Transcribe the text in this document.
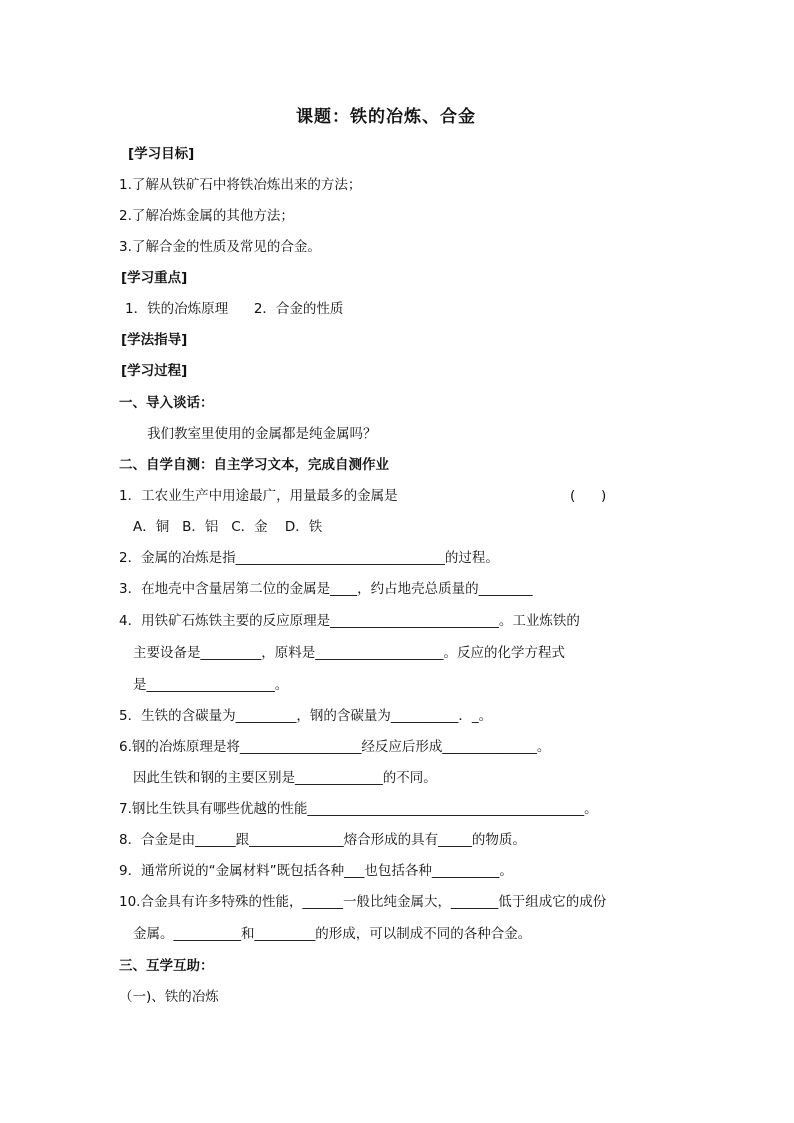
课题：铁的冶炼、合金
[学习目标]
1.了解从铁矿石中将铁冶炼出来的方法；
2.了解冶炼金属的其他方法；
3.了解合金的性质及常见的合金。
[学习重点]
1．铁的冶炼原理      2．合金的性质
[学法指导]
[学习过程]
一、导入谈话：
我们教室里使用的金属都是纯金属吗？
二、自学自测：自主学习文本，完成自测作业
1．工农业生产中用途最广，用量最多的金属是	(      )
A．铜   B．铝   C．金    D．铁
2．金属的冶炼是指_______________________________的过程。
3．在地壳中含量居第二位的金属是____，约占地壳总质量的________
4．用铁矿石炼铁主要的反应原理是_________________________。工业炼铁的
主要设备是_________，原料是___________________。反应的化学方程式
是___________________。
5．生铁的含碳量为_________，钢的含碳量为__________．_。
6.钢的冶炼原理是将__________________经反应后形成______________。
因此生铁和钢的主要区别是_____________的不同。
7.钢比生铁具有哪些优越的性能_________________________________________。
8．合金是由______跟______________熔合形成的具有_____的物质。
9．通常所说的“金属材料”既包括各种___也包括各种__________。
10.合金具有许多特殊的性能，______一般比纯金属大，_______低于组成它的成份
金属。__________和_________的形成，可以制成不同的各种合金。
三、互学互助：
（一)、铁的冶炼
